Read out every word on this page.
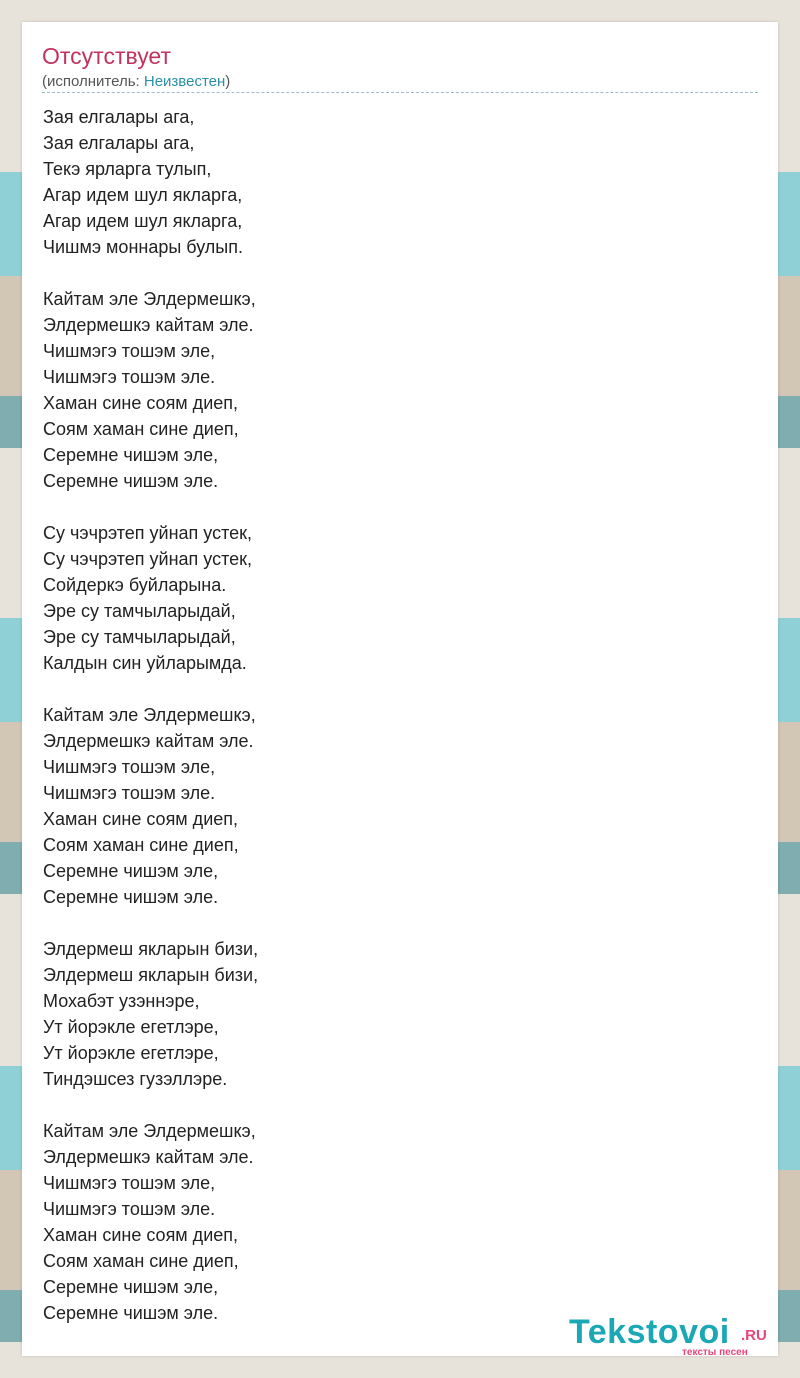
Отсутствует
(исполнитель: Неизвестен)
Зая елгалары ага,
Зая елгалары ага,
Текэ ярларга тулып,
Агар идем шул якларга,
Агар идем шул якларга,
Чишмэ моннары булып.
Кайтам эле Элдермешкэ,
Элдермешкэ кайтам эле.
Чишмэгэ тошэм эле,
Чишмэгэ тошэм эле.
Хаман сине соям диеп,
Соям хаман сине диеп,
Серемне чишэм эле,
Серемне чишэм эле.
Су чэчрэтеп уйнап устек,
Су чэчрэтеп уйнап устек,
Сойдеркэ буйларына.
Эре су тамчыларыдай,
Эре су тамчыларыдай,
Калдын син уйларымда.
Кайтам эле Элдермешкэ,
Элдермешкэ кайтам эле.
Чишмэгэ тошэм эле,
Чишмэгэ тошэм эле.
Хаман сине соям диеп,
Соям хаман сине диеп,
Серемне чишэм эле,
Серемне чишэм эле.
Элдермеш якларын бизи,
Элдермеш якларын бизи,
Мохабэт узэннэре,
Ут йорэкле егетлэре,
Ут йорэкле егетлэре,
Тиндэшсез гузэллэре.
Кайтам эле Элдермешкэ,
Элдермешкэ кайтам эле.
Чишмэгэ тошэм эле,
Чишмэгэ тошэм эле.
Хаман сине соям диеп,
Соям хаман сине диеп,
Серемне чишэм эле,
Серемне чишэм эле.	Tekstovoi .RU
тексты песен
